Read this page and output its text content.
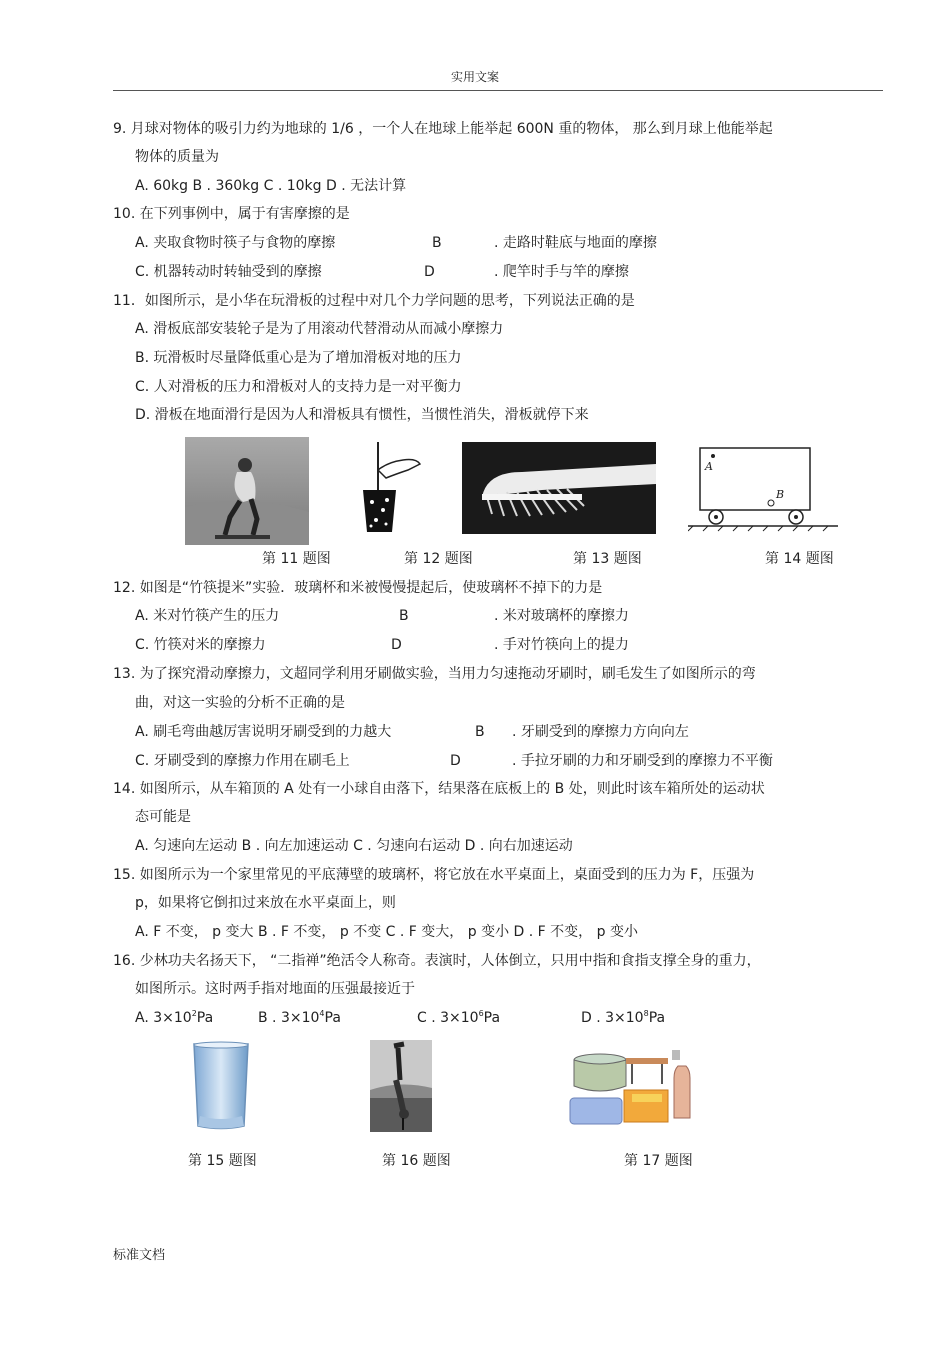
实用文案
9. 月球对物体的吸引力约为地球的 1/6 ，一个人在地球上能举起 600N 重的物体， 那么到月球上他能举起
物体的质量为
A. 60kg B . 360kg C . 10kg D . 无法计算
10. 在下列事例中，属于有害摩擦的是
A. 夹取食物时筷子与食物的摩擦	B	. 走路时鞋底与地面的摩擦
C. 机器转动时转轴受到的摩擦	D	. 爬竿时手与竿的摩擦
11．如图所示，是小华在玩滑板的过程中对几个力学问题的思考，下列说法正确的是
A. 滑板底部安装轮子是为了用滚动代替滑动从而减小摩擦力
B. 玩滑板时尽量降低重心是为了增加滑板对地的压力
C. 人对滑板的压力和滑板对人的支持力是一对平衡力
D. 滑板在地面滑行是因为人和滑板具有惯性，当惯性消失，滑板就停下来
A
B
第 11 题图	第 12 题图	第 13 题图	第 14 题图
12. 如图是“竹筷提米”实验．玻璃杯和米被慢慢提起后，使玻璃杯不掉下的力是
A. 米对竹筷产生的压力	B	. 米对玻璃杯的摩擦力
C. 竹筷对米的摩擦力	D	. 手对竹筷向上的提力
13. 为了探究滑动摩擦力，文超同学利用牙刷做实验，当用力匀速拖动牙刷时，刷毛发生了如图所示的弯
曲，对这一实验的分析不正确的是
A. 刷毛弯曲越厉害说明牙刷受到的力越大	B . 牙刷受到的摩擦力方向向左
C. 牙刷受到的摩擦力作用在刷毛上	D	. 手拉牙刷的力和牙刷受到的摩擦力不平衡
14. 如图所示，从车箱顶的 A 处有一小球自由落下，结果落在底板上的 B 处，则此时该车箱所处的运动状
态可能是
A. 匀速向左运动 B . 向左加速运动 C . 匀速向右运动 D . 向右加速运动
15. 如图所示为一个家里常见的平底薄壁的玻璃杯，将它放在水平桌面上，桌面受到的压力为 F，压强为
p，如果将它倒扣过来放在水平桌面上，则
A. F 不变， p 变大 B . F 不变， p 不变 C . F 变大， p 变小 D . F 不变， p 变小
16. 少林功夫名扬天下， “二指禅”绝活令人称奇。表演时，人体倒立，只用中指和食指支撑全身的重力，
如图所示。这时两手指对地面的压强最接近于
A. $3\times 10^2Pa$	B . $3\times 10^4Pa$	C . $3\times 10^6Pa$	D . $3\times 10^8Pa$
第 15 题图	第 16 题图	第 17 题图
标准文档
